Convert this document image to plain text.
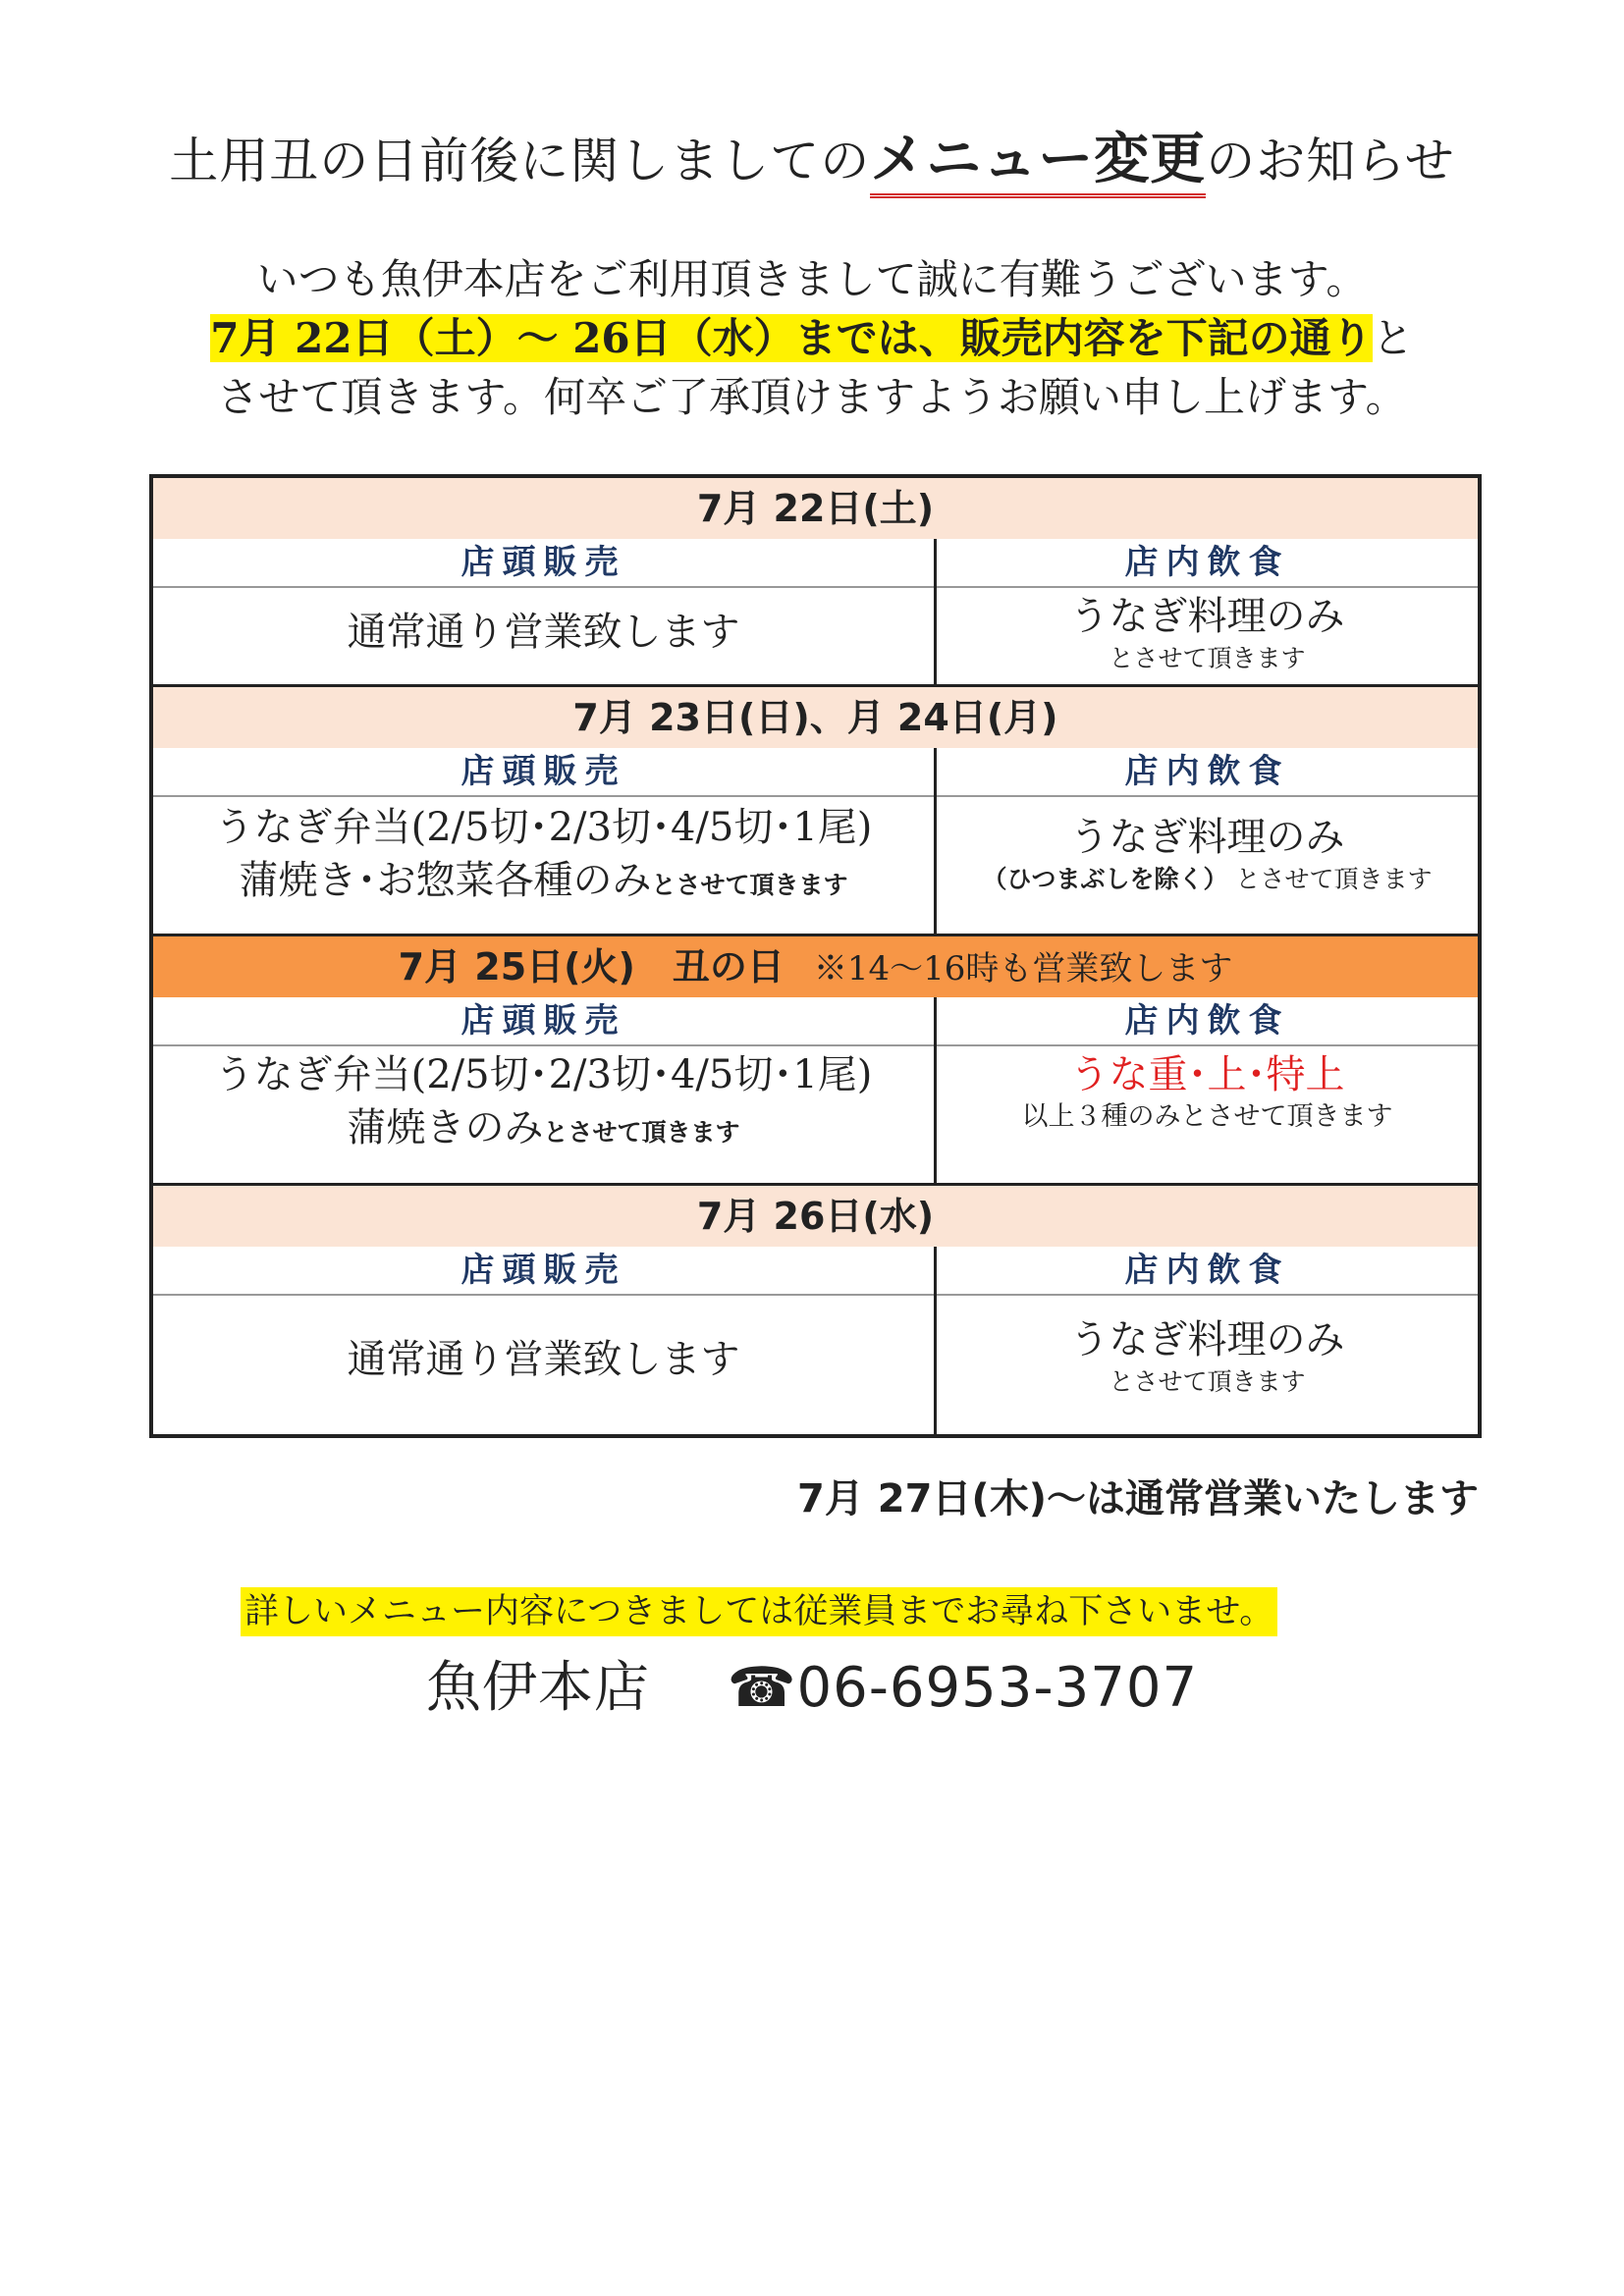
土用丑の日前後に関しましてのメニュー変更のお知らせ
いつも魚伊本店をご利用頂きまして誠に有難うございます。
7月 22日（土）～ 26日（水）までは、販売内容を下記の通りと
させて頂きます。何卒ご了承頂けますようお願い申し上げます。
7月 22日(土)
店頭販売
通常通り営業致します
店内飲食
うなぎ料理のみ
とさせて頂きます
7月 23日(日)、月 24日(月)
店頭販売
うなぎ弁当(2/5切･2/3切･4/5切･1尾)
蒲焼き･お惣菜各種のみとさせて頂きます
店内飲食
うなぎ料理のみ
（ひつまぶしを除く） とさせて頂きます
7月 25日(火)　丑の日 ※14～16時も営業致します
店頭販売
うなぎ弁当(2/5切･2/3切･4/5切･1尾)
蒲焼きのみとさせて頂きます
店内飲食
うな重･上･特上
以上３種のみとさせて頂きます
7月 26日(水)
店頭販売
通常通り営業致します
店内飲食
うなぎ料理のみ
とさせて頂きます
7月 27日(木)～は通常営業いたします
詳しいメニュー内容につきましては従業員までお尋ね下さいませ。
魚伊本店 ☎06-6953-3707
